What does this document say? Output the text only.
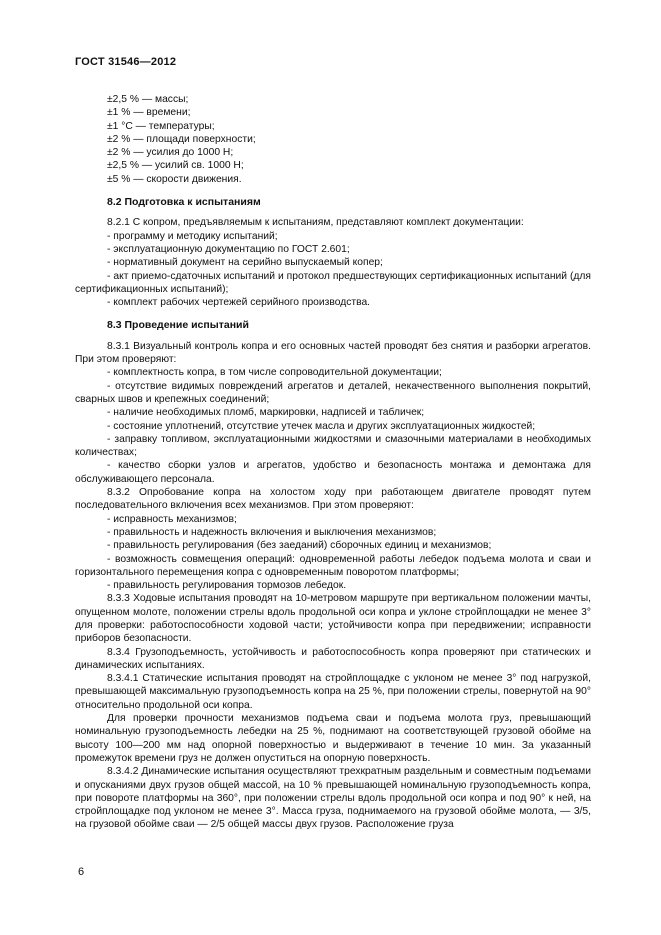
ГОСТ 31546—2012

±2,5 % — массы;

±1 % — времени;

±1 °С — температуры;

±2 % — площади поверхности;

±2 % — усилия до 1000 Н;

±2,5 % — усилий св. 1000 Н;

±5 % — скорости движения.

8.2 Подготовка к испытаниям

8.2.1 С копром, предъявляемым к испытаниям, представляют комплект документации:

- программу и методику испытаний;

- эксплуатационную документацию по ГОСТ 2.601;

- нормативный документ на серийно выпускаемый копер;

- акт приемо-сдаточных испытаний и протокол предшествующих сертификационных испытаний (для сертификационных испытаний);

- комплект рабочих чертежей серийного производства.

8.3 Проведение испытаний

8.3.1 Визуальный контроль копра и его основных частей проводят без снятия и разборки агрегатов. При этом проверяют:

- комплектность копра, в том числе сопроводительной документации;

- отсутствие видимых повреждений агрегатов и деталей, некачественного выполнения покрытий, сварных швов и крепежных соединений;

- наличие необходимых пломб, маркировки, надписей и табличек;

- состояние уплотнений, отсутствие утечек масла и других эксплуатационных жидкостей;

- заправку топливом, эксплуатационными жидкостями и смазочными материалами в необходимых количествах;

- качество сборки узлов и агрегатов, удобство и безопасность монтажа и демонтажа для обслуживающего персонала.

8.3.2 Опробование копра на холостом ходу при работающем двигателе проводят путем последовательного включения всех механизмов. При этом проверяют:

- исправность механизмов;

- правильность и надежность включения и выключения механизмов;

- правильность регулирования (без заеданий) сборочных единиц и механизмов;

- возможность совмещения операций: одновременной работы лебедок подъема молота и сваи и горизонтального перемещения копра с одновременным поворотом платформы;

- правильность регулирования тормозов лебедок.

8.3.3 Ходовые испытания проводят на 10-метровом маршруте при вертикальном положении мачты, опущенном молоте, положении стрелы вдоль продольной оси копра и уклоне стройплощадки не менее 3° для проверки: работоспособности ходовой части; устойчивости копра при передвижении; исправности приборов безопасности.

8.3.4 Грузоподъемность, устойчивость и работоспособность копра проверяют при статических и динамических испытаниях.

8.3.4.1 Статические испытания проводят на стройплощадке с уклоном не менее 3° под нагрузкой, превышающей максимальную грузоподъемность копра на 25 %, при положении стрелы, повернутой на 90° относительно продольной оси копра.

Для проверки прочности механизмов подъема сваи и подъема молота груз, превышающий номинальную грузоподъемность лебедки на 25 %, поднимают на соответствующей грузовой обойме на высоту 100—200 мм над опорной поверхностью и выдерживают в течение 10 мин. За указанный промежуток времени груз не должен опуститься на опорную поверхность.

8.3.4.2 Динамические испытания осуществляют трехкратным раздельным и совместным подъемами и опусканиями двух грузов общей массой, на 10 % превышающей номинальную грузоподъемность копра, при повороте платформы на 360°, при положении стрелы вдоль продольной оси копра и под 90° к ней, на стройплощадке под уклоном не менее 3°. Масса груза, поднимаемого на грузовой обойме молота, — 3/5, на грузовой обойме сваи — 2/5 общей массы двух грузов. Расположение груза

6
